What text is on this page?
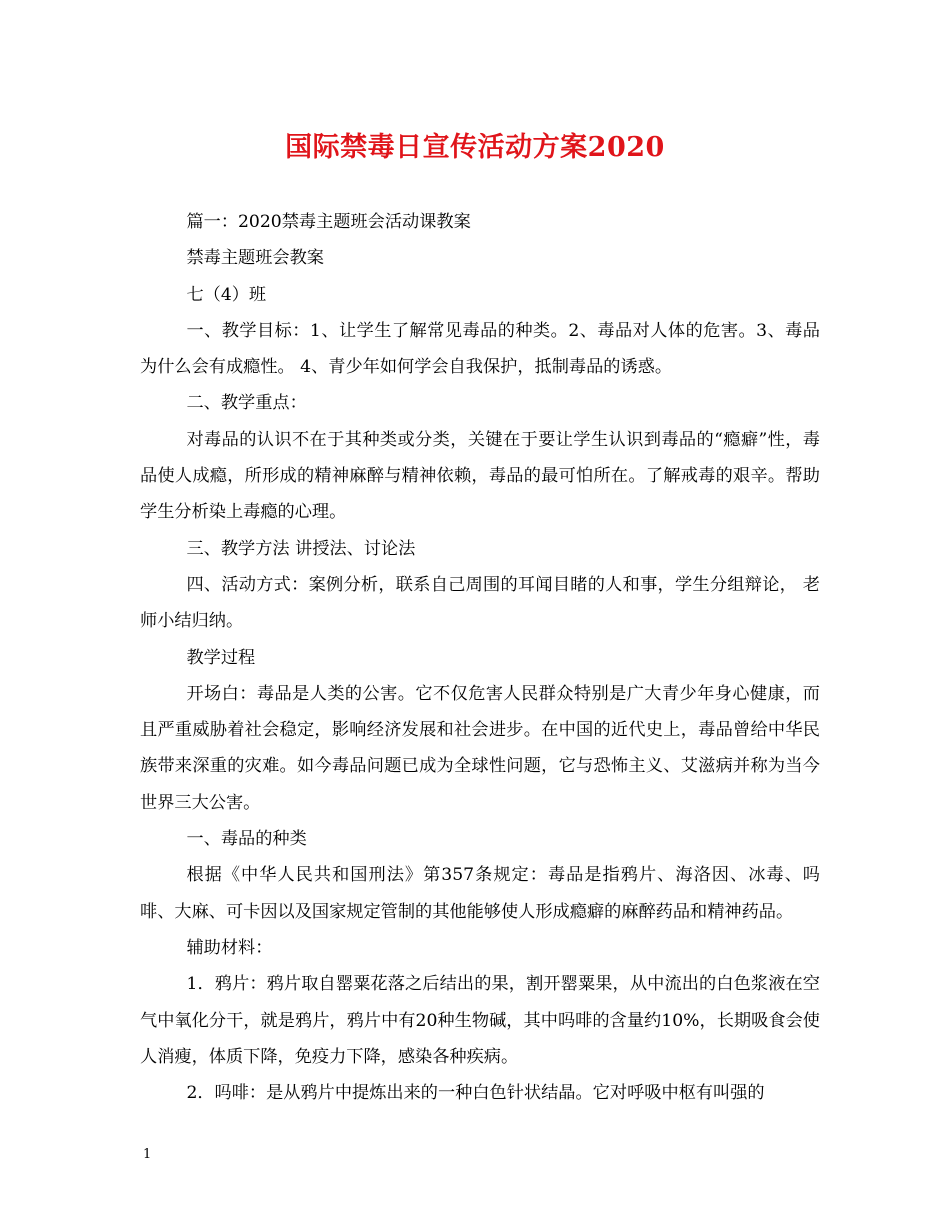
国际禁毒日宣传活动方案2020

篇一：2020禁毒主题班会活动课教案

禁毒主题班会教案

七（4）班

一、教学目标：1、让学生了解常见毒品的种类。2、毒品对人体的危害。3、毒品为什么会有成瘾性。 4、青少年如何学会自我保护，抵制毒品的诱惑。

二、教学重点：

对毒品的认识不在于其种类或分类，关键在于要让学生认识到毒品的“瘾癖”性，毒品使人成瘾，所形成的精神麻醉与精神依赖，毒品的最可怕所在。了解戒毒的艰辛。帮助学生分析染上毒瘾的心理。

三、教学方法 讲授法、讨论法

四、活动方式：案例分析，联系自己周围的耳闻目睹的人和事，学生分组辩论， 老师小结归纳。

教学过程

开场白：毒品是人类的公害。它不仅危害人民群众特别是广大青少年身心健康，而且严重威胁着社会稳定，影响经济发展和社会进步。在中国的近代史上，毒品曾给中华民族带来深重的灾难。如今毒品问题已成为全球性问题，它与恐怖主义、艾滋病并称为当今世界三大公害。

一、毒品的种类

根据《中华人民共和国刑法》第357条规定：毒品是指鸦片、海洛因、冰毒、吗啡、大麻、可卡因以及国家规定管制的其他能够使人形成瘾癖的麻醉药品和精神药品。

辅助材料：

1．鸦片：鸦片取自罂粟花落之后结出的果，割开罂粟果，从中流出的白色浆液在空气中氧化分干，就是鸦片，鸦片中有20种生物碱，其中吗啡的含量约10%，长期吸食会使人消瘦，体质下降，免疫力下降，感染各种疾病。

2．吗啡：是从鸦片中提炼出来的一种白色针状结晶。它对呼吸中枢有叫强的

1
